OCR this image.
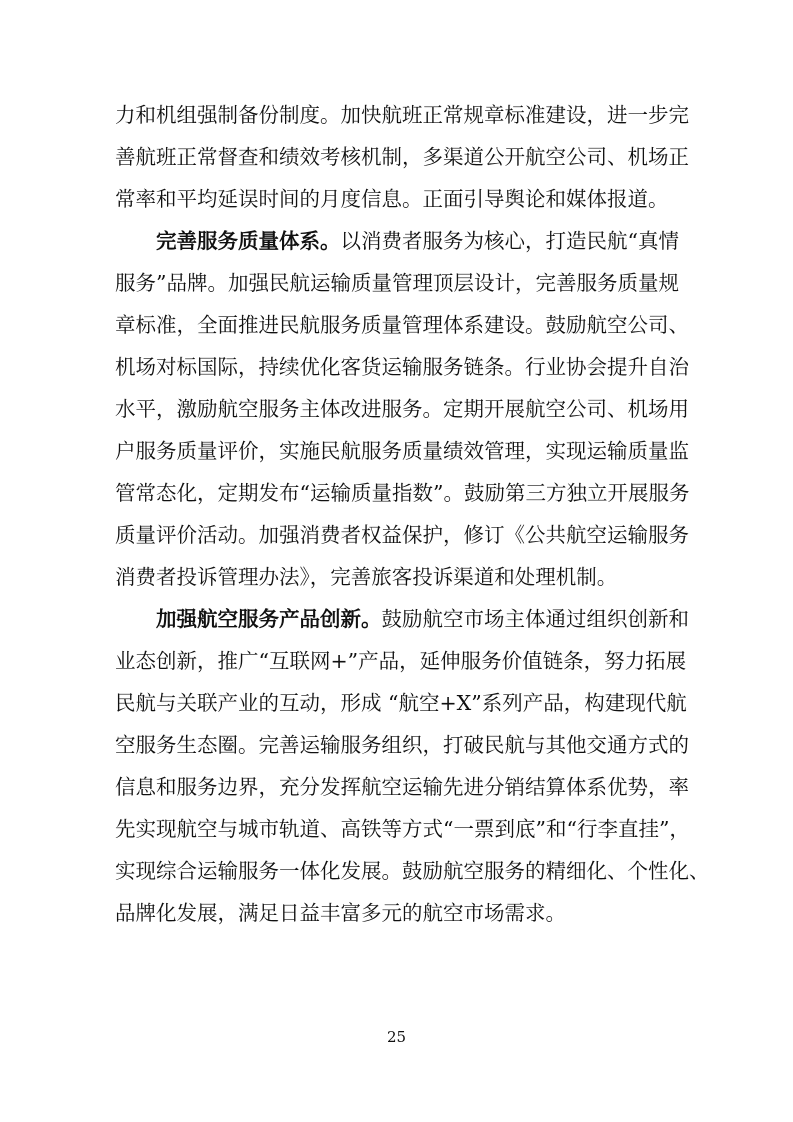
力和机组强制备份制度。加快航班正常规章标准建设，进一步完
善航班正常督查和绩效考核机制，多渠道公开航空公司、机场正
常率和平均延误时间的月度信息。正面引导舆论和媒体报道。
完善服务质量体系。以消费者服务为核心，打造民航“真情
服务”品牌。加强民航运输质量管理顶层设计，完善服务质量规
章标准，全面推进民航服务质量管理体系建设。鼓励航空公司、
机场对标国际，持续优化客货运输服务链条。行业协会提升自治
水平，激励航空服务主体改进服务。定期开展航空公司、机场用
户服务质量评价，实施民航服务质量绩效管理，实现运输质量监
管常态化，定期发布“运输质量指数”。鼓励第三方独立开展服务
质量评价活动。加强消费者权益保护，修订《公共航空运输服务
消费者投诉管理办法》，完善旅客投诉渠道和处理机制。
加强航空服务产品创新。鼓励航空市场主体通过组织创新和
业态创新，推广“互联网+”产品，延伸服务价值链条，努力拓展
民航与关联产业的互动，形成 “航空+X”系列产品，构建现代航
空服务生态圈。完善运输服务组织，打破民航与其他交通方式的
信息和服务边界，充分发挥航空运输先进分销结算体系优势，率
先实现航空与城市轨道、高铁等方式“一票到底”和“行李直挂”，
实现综合运输服务一体化发展。鼓励航空服务的精细化、个性化、
品牌化发展，满足日益丰富多元的航空市场需求。
25
